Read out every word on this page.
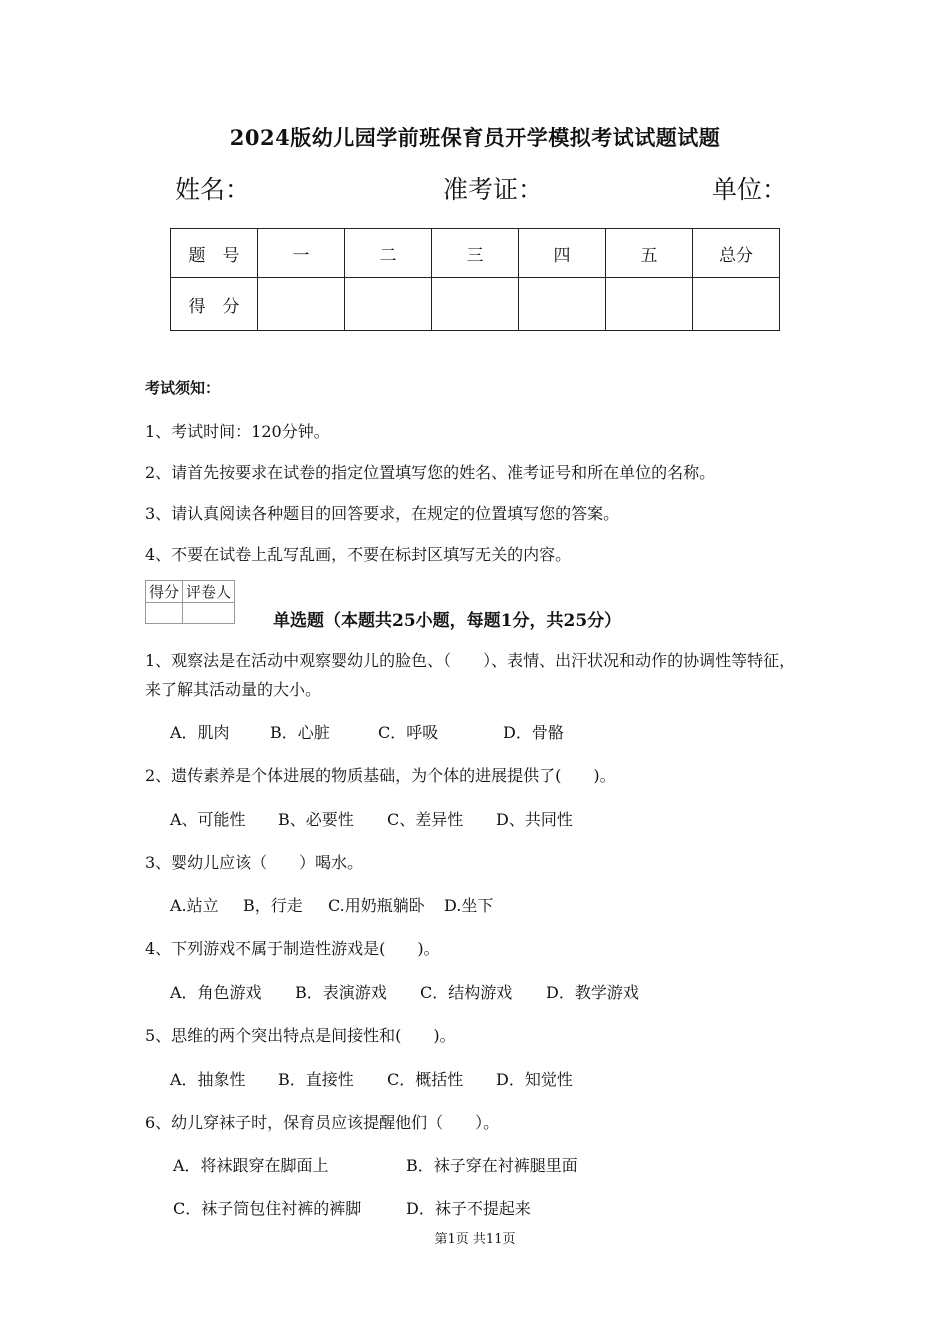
2024版幼儿园学前班保育员开学模拟考试试题试题
姓名：	准考证：	单位：
题　号	一	二	三	四	五	总分
得　分						
考试须知：
1、考试时间：120分钟。
2、请首先按要求在试卷的指定位置填写您的姓名、准考证号和所在单位的名称。
3、请认真阅读各种题目的回答要求，在规定的位置填写您的答案。
4、不要在试卷上乱写乱画，不要在标封区填写无关的内容。
得分	评卷人

单选题（本题共25小题，每题1分，共25分）
1、观察法是在活动中观察婴幼儿的脸色、（　　）、表情、出汗状况和动作的协调性等特征，
来了解其活动量的大小。
A．肌肉	B．心脏	C．呼吸	D．骨骼
2、遗传素养是个体进展的物质基础，为个体的进展提供了(　　)。
A、可能性 B、必要性 C、差异性 D、共同性
3、婴幼儿应该（　　）喝水。
A.站立 B，行走 C.用奶瓶躺卧 D.坐下
4、下列游戏不属于制造性游戏是(　　)。
A．角色游戏 B．表演游戏 C．结构游戏 D．教学游戏
5、思维的两个突出特点是间接性和(　　)。
A．抽象性 B．直接性 C．概括性 D．知觉性
6、幼儿穿袜子时，保育员应该提醒他们（　　）。
A．将袜跟穿在脚面上	B．袜子穿在衬裤腿里面
C．袜子筒包住衬裤的裤脚	D．袜子不提起来
第1页 共11页
